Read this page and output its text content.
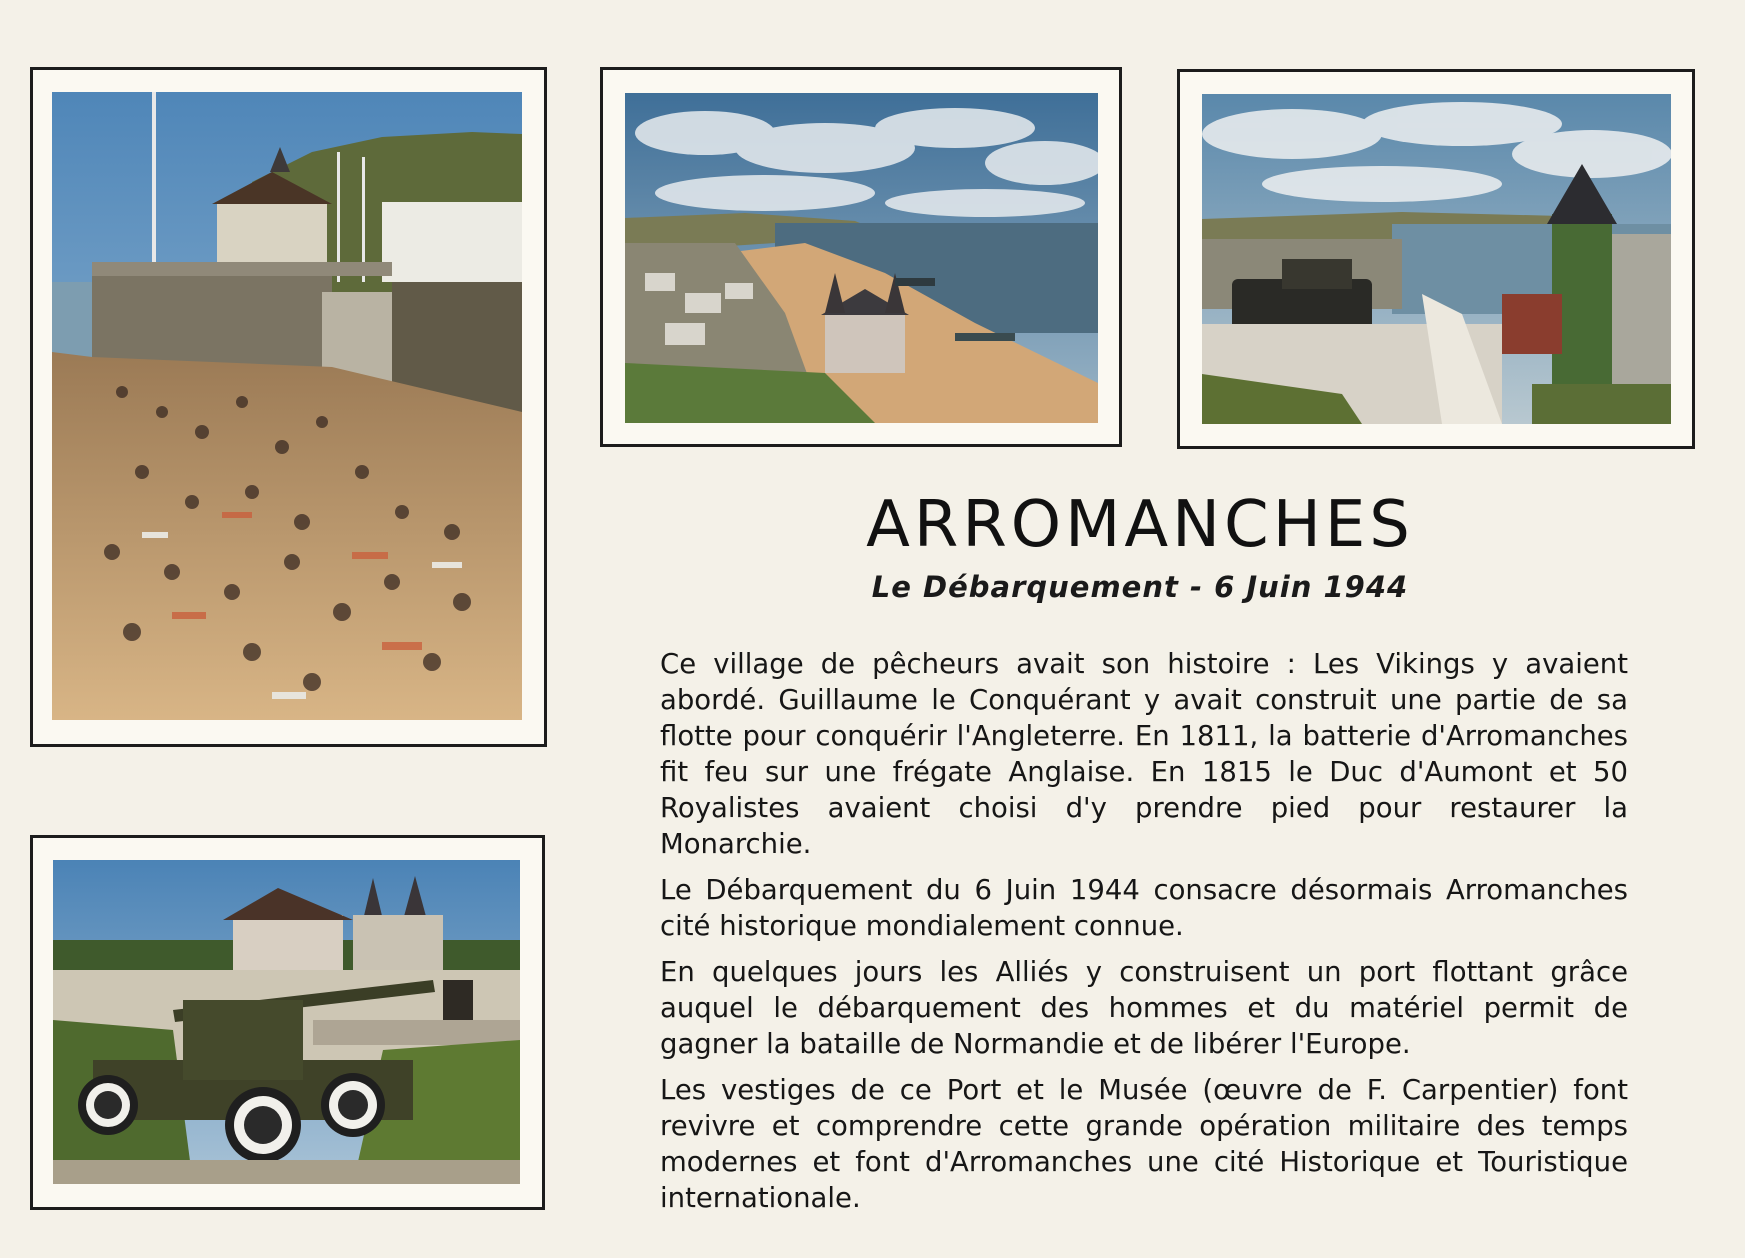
ARROMANCHES
Le Débarquement - 6 Juin 1944

Ce village de pêcheurs avait son histoire : Les Vikings y avaient abordé. Guillaume le Conquérant y avait construit une partie de sa flotte pour conquérir l'Angleterre. En 1811, la batterie d'Arromanches fit feu sur une frégate Anglaise. En 1815 le Duc d'Aumont et 50 Royalistes avaient choisi d'y prendre pied pour restaurer la Monarchie.

Le Débarquement du 6 Juin 1944 consacre désormais Arromanches cité historique mondialement connue.

En quelques jours les Alliés y construisent un port flottant grâce auquel le débarquement des hommes et du matériel permit de gagner la bataille de Normandie et de libérer l'Europe.

Les vestiges de ce Port et le Musée (œuvre de F. Carpentier) font revivre et comprendre cette grande opération militaire des temps modernes et font d'Arromanches une cité Historique et Touristique internationale.
